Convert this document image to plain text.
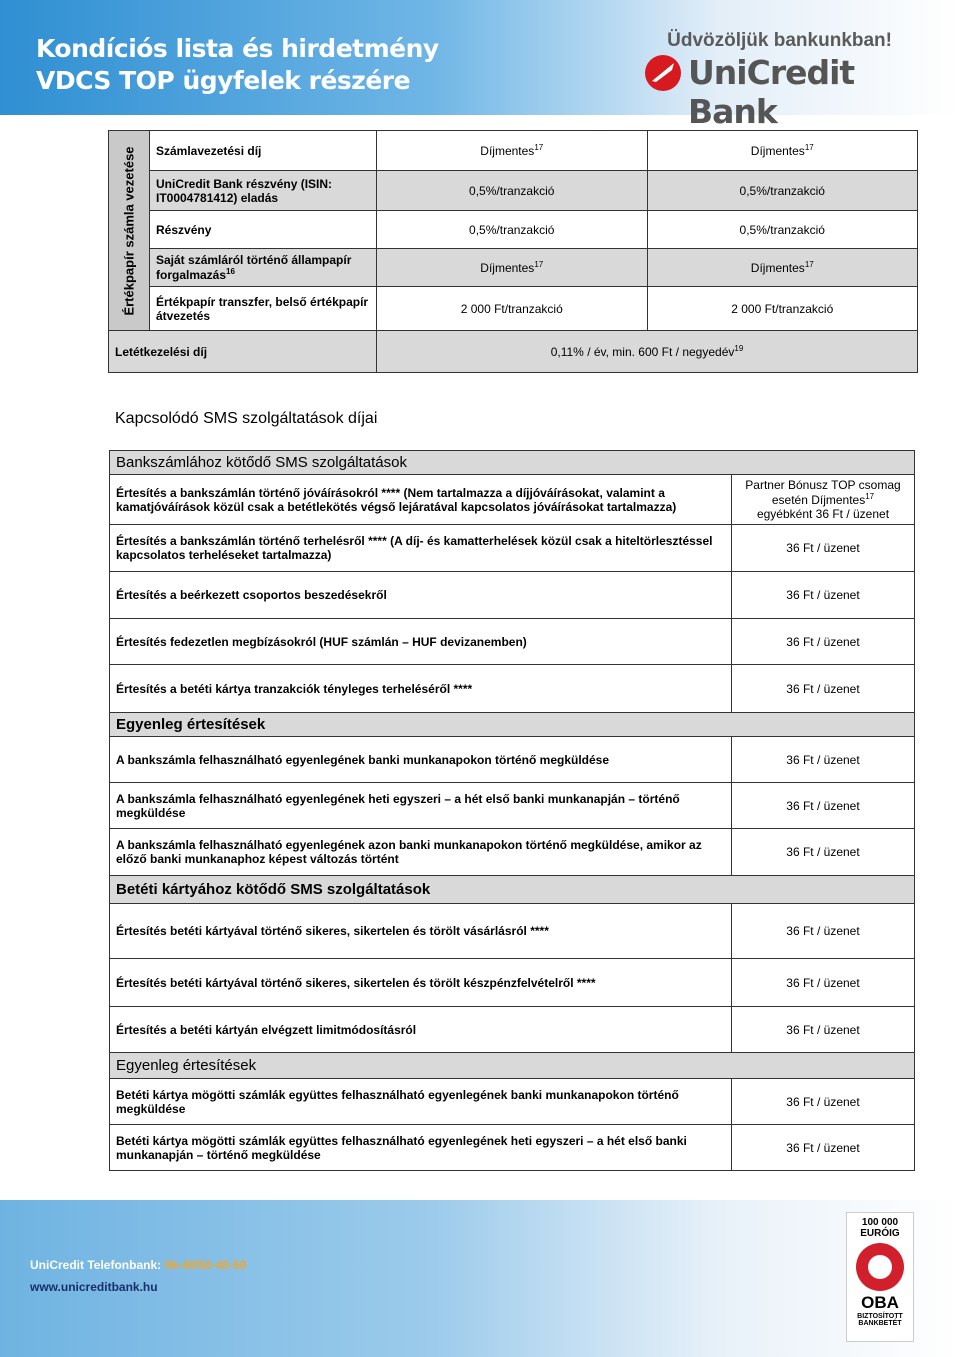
Kondíciós lista és hirdetmény
VDCS TOP ügyfelek részére
Üdvözöljük bankunkban!
UniCredit Bank
Értékpapír számla vezetése	Számlavezetési díj	Díjmentes$^{17}$	Díjmentes$^{17}$
	UniCredit Bank részvény (ISIN: IT0004781412) eladás	0,5%/tranzakció	0,5%/tranzakció
	Részvény	0,5%/tranzakció	0,5%/tranzakció
	Saját számláról történő állampapír forgalmazás$^{16}$	Díjmentes$^{17}$	Díjmentes$^{17}$
	Értékpapír transzfer, belső értékpapír átvezetés	2 000 Ft/tranzakció	2 000 Ft/tranzakció
Letétkezelési díj		0,11% / év, min. 600 Ft / negyedév$^{19}$
Kapcsolódó SMS szolgáltatások díjai
Bankszámlához kötődő SMS szolgáltatások	
Értesítés a bankszámlán történő jóváírásokról **** (Nem tartalmazza a díjjóváírásokat, valamint a kamatjóváírások közül csak a betétlekötés végső lejáratával kapcsolatos jóváírásokat tartalmazza)	Partner Bónusz TOP csomag
esetén Díjmentes$^{17}$
egyébként 36 Ft / üzenet
Értesítés a bankszámlán történő terhelésről **** (A díj- és kamatterhelések közül csak a hiteltörlesztéssel kapcsolatos terheléseket tartalmazza)	36 Ft / üzenet
Értesítés a beérkezett csoportos beszedésekről	36 Ft / üzenet
Értesítés fedezetlen megbízásokról (HUF számlán – HUF devizanemben)	36 Ft / üzenet
Értesítés a betéti kártya tranzakciók tényleges terheléséről ****	36 Ft / üzenet
Egyenleg értesítések	
A bankszámla felhasználható egyenlegének banki munkanapokon történő megküldése	36 Ft / üzenet
A bankszámla felhasználható egyenlegének heti egyszeri – a hét első banki munkanapján – történő megküldése	36 Ft / üzenet
A bankszámla felhasználható egyenlegének azon banki munkanapokon történő megküldése, amikor az előző banki munkanaphoz képest változás történt	36 Ft / üzenet
Betéti kártyához kötődő SMS szolgáltatások	
Értesítés betéti kártyával történő sikeres, sikertelen és törölt vásárlásról ****	36 Ft / üzenet
Értesítés betéti kártyával történő sikeres, sikertelen és törölt készpénzfelvételről ****	36 Ft / üzenet
Értesítés a betéti kártyán elvégzett limitmódosításról	36 Ft / üzenet
Egyenleg értesítések	
Betéti kártya mögötti számlák együttes felhasználható egyenlegének banki munkanapokon történő megküldése	36 Ft / üzenet
Betéti kártya mögötti számlák együttes felhasználható egyenlegének heti egyszeri – a hét első banki munkanapján – történő megküldése	36 Ft / üzenet
UniCredit Telefonbank: 06-40/50-40-50
www.unicreditbank.hu
100 000
EURÓIG
OBA
BIZTOSÍTOTT
BANKBETÉT
